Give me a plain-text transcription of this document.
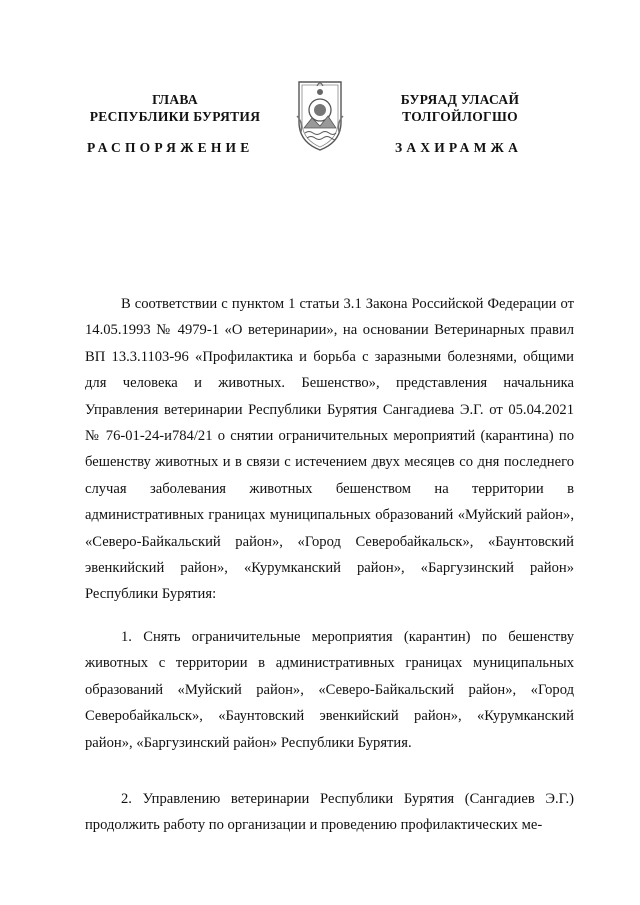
ГЛАВА
РЕСПУБЛИКИ БУРЯТИЯ
БУРЯАД УЛАСАЙ
ТОЛГОЙЛОГШО
РАСПОРЯЖЕНИЕ	ЗАХИРАМЖА
В соответствии с пунктом 1 статьи 3.1 Закона Российской Федерации от 14.05.1993 № 4979-1 «О ветеринарии», на основании Ветеринарных правил ВП 13.3.1103-96 «Профилактика и борьба с заразными болезнями, общими для человека и животных. Бешенство», представления начальника Управления ветеринарии Республики Бурятия Сангадиева Э.Г. от 05.04.2021 № 76-01-24-и784/21 о снятии ограничительных мероприятий (карантина) по бешенству животных и в связи с истечением двух месяцев со дня последнего случая заболевания животных бешенством на территории в административных границах муниципальных образований «Муйский район», «Северо-Байкальский район», «Город Северобайкальск», «Баунтовский эвенкийский район», «Курумканский район», «Баргузинский район» Республики Бурятия:
1. Снять ограничительные мероприятия (карантин) по бешенству животных с территории в административных границах муниципальных образований «Муйский район», «Северо-Байкальский район», «Город Северобайкальск», «Баунтовский эвенкийский район», «Курумканский район», «Баргузинский район» Республики Бурятия.
2. Управлению ветеринарии Республики Бурятия (Сангадиев Э.Г.) продолжить работу по организации и проведению профилактических ме-
